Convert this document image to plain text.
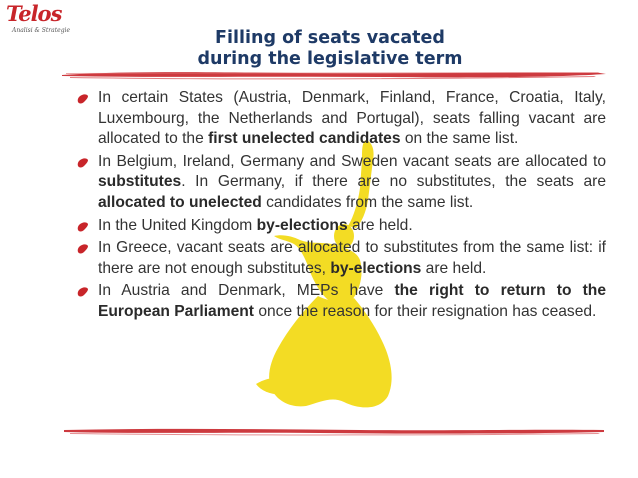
Telos
Analisi & Strategie	Filling of seats vacated
during the legislative term
In certain States (Austria, Denmark, Finland, France, Croatia, Italy, Luxembourg, the Netherlands and Portugal), seats falling vacant are allocated to the first unelected candidates on the same list.
In Belgium, Ireland, Germany and Sweden vacant seats are allocated to substitutes. In Germany, if there are no substitutes, the seats are allocated to unelected candidates from the same list.
In the United Kingdom by-elections are held.
In Greece, vacant seats are allocated to substitutes from the same list: if there are not enough substitutes, by-elections are held.
In Austria and Denmark, MEPs have the right to return to the European Parliament once the reason for their resignation has ceased.
